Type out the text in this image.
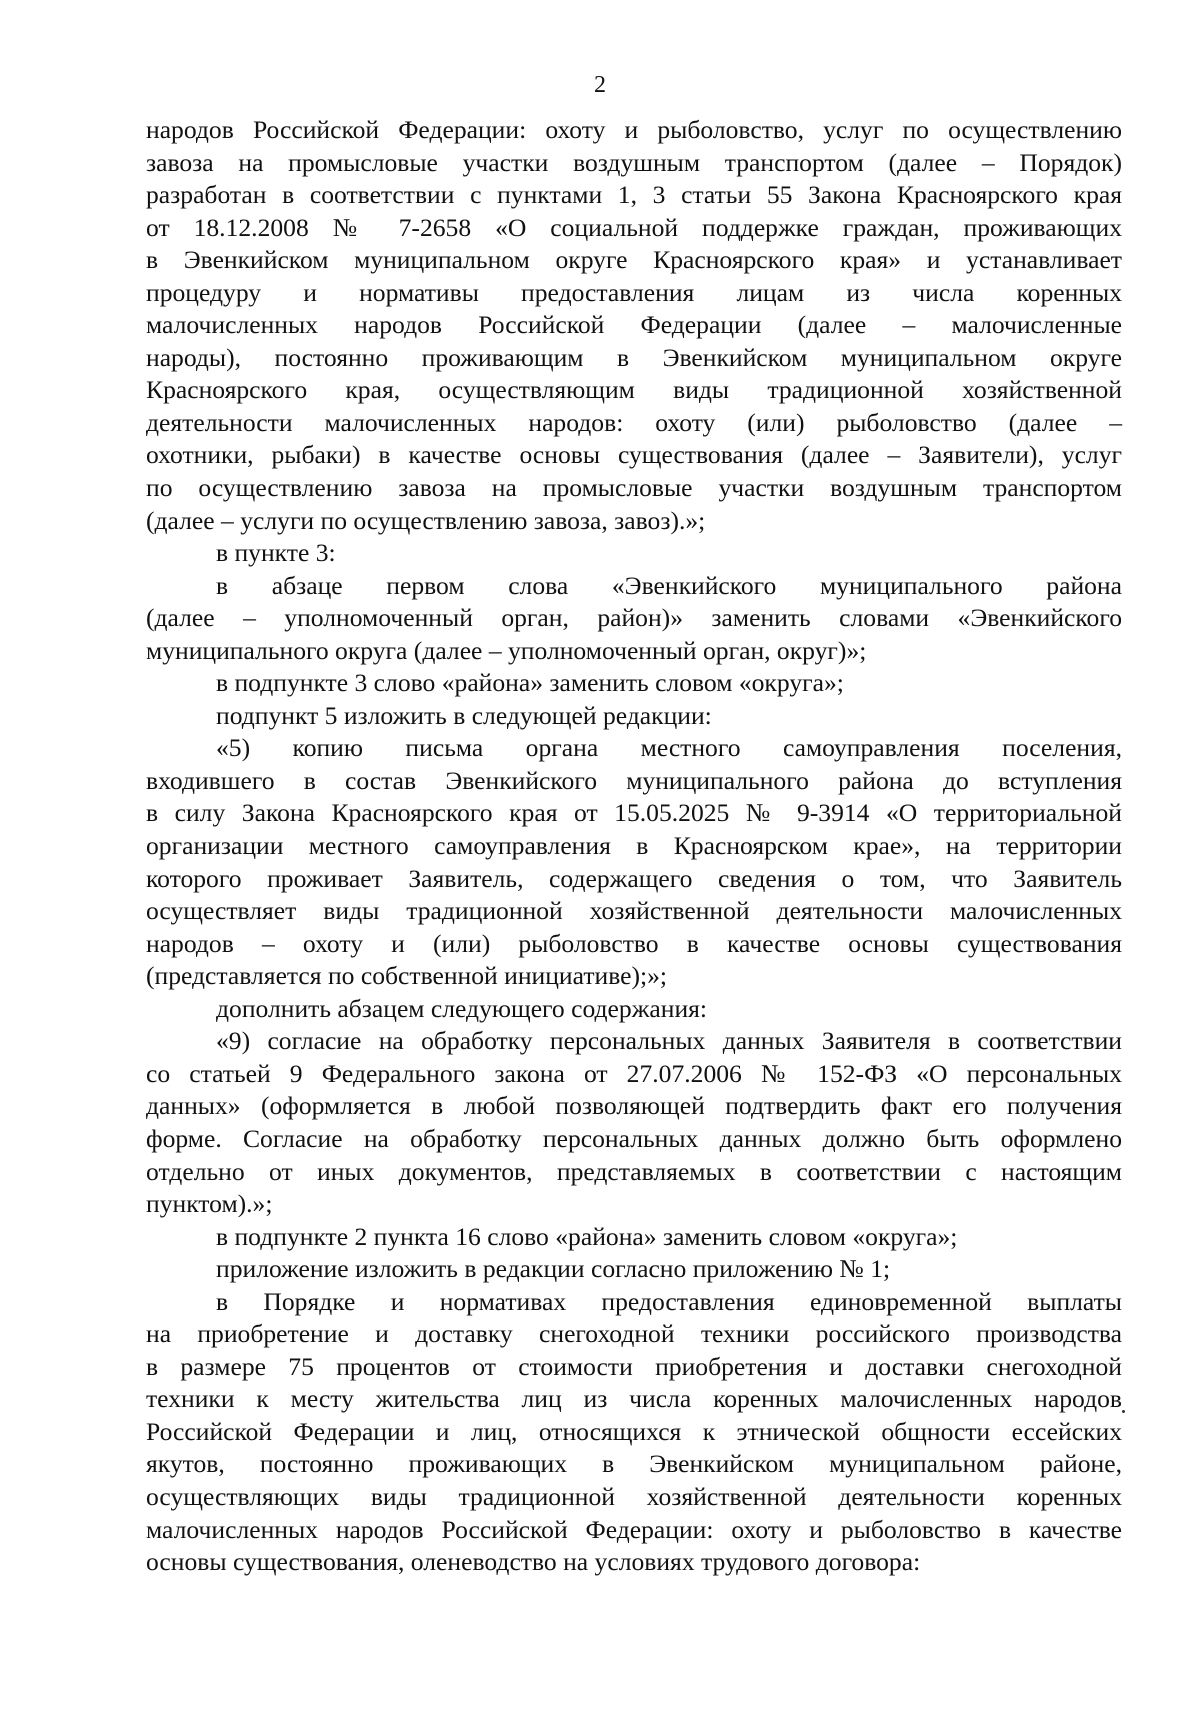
2
народов Российской Федерации: охоту и рыболовство, услуг по осуществлению
завоза на промысловые участки воздушным транспортом (далее – Порядок)
разработан в соответствии с пунктами 1, 3 статьи 55 Закона Красноярского края
от 18.12.2008 № 7-2658 «О социальной поддержке граждан, проживающих
в Эвенкийском муниципальном округе Красноярского края» и устанавливает
процедуру и нормативы предоставления лицам из числа коренных
малочисленных народов Российской Федерации (далее – малочисленные
народы), постоянно проживающим в Эвенкийском муниципальном округе
Красноярского края, осуществляющим виды традиционной хозяйственной
деятельности малочисленных народов: охоту (или) рыболовство (далее –
охотники, рыбаки) в качестве основы существования (далее – Заявители), услуг
по осуществлению завоза на промысловые участки воздушным транспортом
(далее – услуги по осуществлению завоза, завоз).»;
в пункте 3:
в абзаце первом слова «Эвенкийского муниципального района
(далее – уполномоченный орган, район)» заменить словами «Эвенкийского
муниципального округа (далее – уполномоченный орган, округ)»;
в подпункте 3 слово «района» заменить словом «округа»;
подпункт 5 изложить в следующей редакции:
«5) копию письма органа местного самоуправления поселения,
входившего в состав Эвенкийского муниципального района до вступления
в силу Закона Красноярского края от 15.05.2025 № 9-3914 «О территориальной
организации местного самоуправления в Красноярском крае», на территории
которого проживает Заявитель, содержащего сведения о том, что Заявитель
осуществляет виды традиционной хозяйственной деятельности малочисленных
народов – охоту и (или) рыболовство в качестве основы существования
(представляется по собственной инициативе);»;
дополнить абзацем следующего содержания:
«9) согласие на обработку персональных данных Заявителя в соответствии
со статьей 9 Федерального закона от 27.07.2006 № 152-ФЗ «О персональных
данных» (оформляется в любой позволяющей подтвердить факт его получения
форме. Согласие на обработку персональных данных должно быть оформлено
отдельно от иных документов, представляемых в соответствии с настоящим
пунктом).»;
в подпункте 2 пункта 16 слово «района» заменить словом «округа»;
приложение изложить в редакции согласно приложению № 1;
в Порядке и нормативах предоставления единовременной выплаты
на приобретение и доставку снегоходной техники российского производства
в размере 75 процентов от стоимости приобретения и доставки снегоходной
техники к месту жительства лиц из числа коренных малочисленных народов
Российской Федерации и лиц, относящихся к этнической общности ессейских
якутов, постоянно проживающих в Эвенкийском муниципальном районе,
осуществляющих виды традиционной хозяйственной деятельности коренных
малочисленных народов Российской Федерации: охоту и рыболовство в качестве
основы существования, оленеводство на условиях трудового договора:
